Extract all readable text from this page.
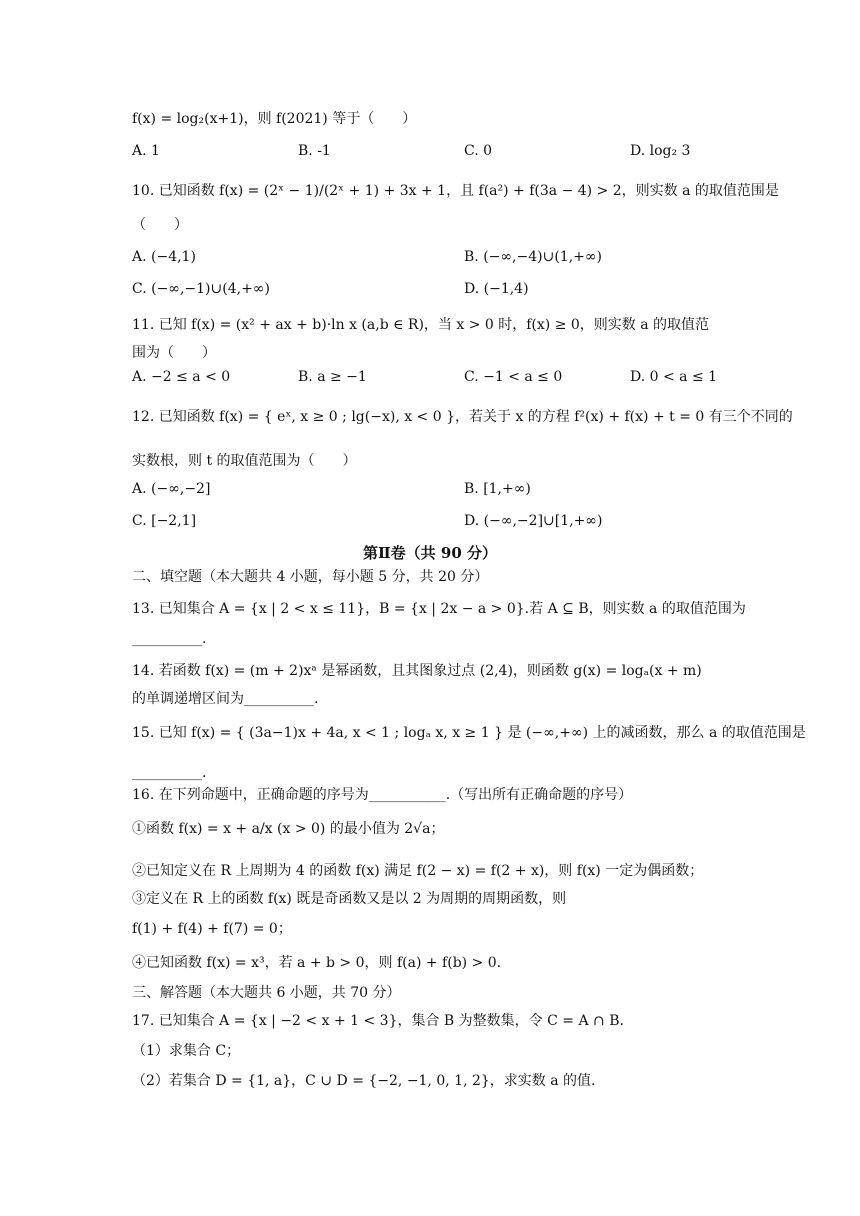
f(x) = log₂(x+1)，则 f(2021) 等于（　　）
A. 1	B. -1	C. 0	D. log₂ 3
10. 已知函数 f(x) = (2ˣ − 1)/(2ˣ + 1) + 3x + 1，且 f(a²) + f(3a − 4) > 2，则实数 a 的取值范围是
（　　）
A. (−4,1)	B. (−∞,−4)∪(1,+∞)
C. (−∞,−1)∪(4,+∞)	D. (−1,4)
11. 已知 f(x) = (x² + ax + b)·ln x (a,b ∈ R)，当 x > 0 时，f(x) ≥ 0，则实数 a 的取值范
围为（　　）
A. −2 ≤ a < 0	B. a ≥ −1	C. −1 < a ≤ 0	D. 0 < a ≤ 1
12. 已知函数 f(x) = { eˣ, x ≥ 0 ; lg(−x), x < 0 }，若关于 x 的方程 f²(x) + f(x) + t = 0 有三个不同的
实数根，则 t 的取值范围为（　　）
A. (−∞,−2]	B. [1,+∞)
C. [−2,1]	D. (−∞,−2]∪[1,+∞)
第Ⅱ卷（共 90 分）
二、填空题（本大题共 4 小题，每小题 5 分，共 20 分）
13. 已知集合 A = {x | 2 < x ≤ 11}，B = {x | 2x − a > 0}.若 A ⊆ B，则实数 a 的取值范围为
__________.
14. 若函数 f(x) = (m + 2)xᵃ 是幂函数，且其图象过点 (2,4)，则函数 g(x) = logₐ(x + m)
的单调递增区间为__________.
15. 已知 f(x) = { (3a−1)x + 4a, x < 1 ; logₐ x, x ≥ 1 } 是 (−∞,+∞) 上的减函数，那么 a 的取值范围是
__________.
16. 在下列命题中，正确命题的序号为___________.（写出所有正确命题的序号）
①函数 f(x) = x + a/x (x > 0) 的最小值为 2√a；
②已知定义在 R 上周期为 4 的函数 f(x) 满足 f(2 − x) = f(2 + x)，则 f(x) 一定为偶函数；
③定义在 R 上的函数 f(x) 既是奇函数又是以 2 为周期的周期函数，则
f(1) + f(4) + f(7) = 0；
④已知函数 f(x) = x³，若 a + b > 0，则 f(a) + f(b) > 0.
三、解答题（本大题共 6 小题，共 70 分）
17. 已知集合 A = {x | −2 < x + 1 < 3}，集合 B 为整数集，令 C = A ∩ B.
（1）求集合 C；
（2）若集合 D = {1, a}，C ∪ D = {−2, −1, 0, 1, 2}，求实数 a 的值.
